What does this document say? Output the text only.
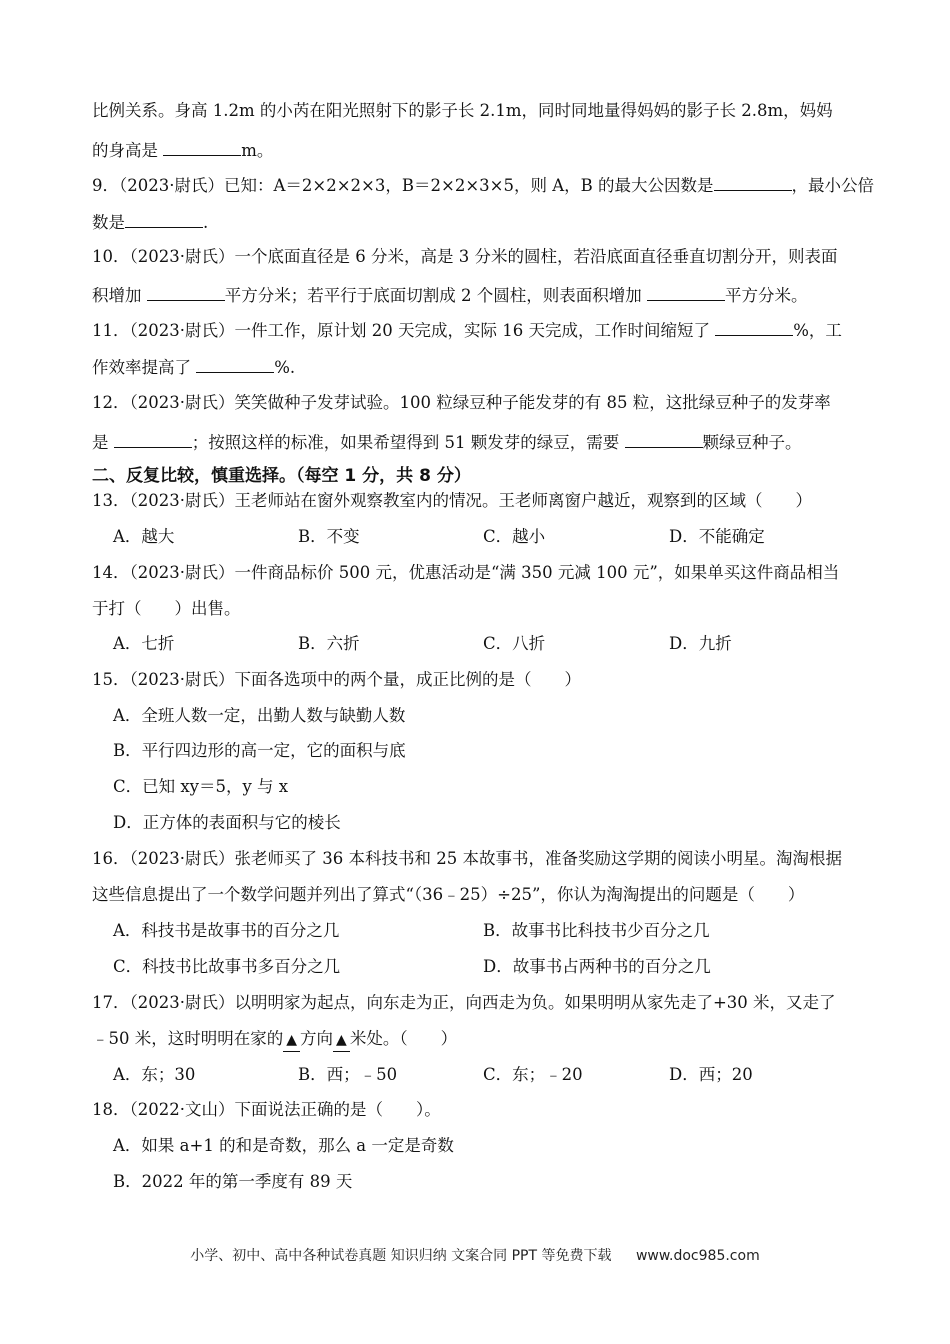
比例关系。身高 1.2m 的小芮在阳光照射下的影子长 2.1m，同时同地量得妈妈的影子长 2.8m，妈妈
的身高是	m。
9．（2023·尉氏）已知：A＝2×2×2×3，B＝2×2×3×5，则 A，B 的最大公因数是	，最小公倍
数是	.
10．（2023·尉氏）一个底面直径是 6 分米，高是 3 分米的圆柱，若沿底面直径垂直切割分开，则表面
积增加	平方分米；若平行于底面切割成 2 个圆柱，则表面积增加	平方分米。
11．（2023·尉氏）一件工作，原计划 20 天完成，实际 16 天完成，工作时间缩短了	%，工
作效率提高了	%.
12．（2023·尉氏）笑笑做种子发芽试验。100 粒绿豆种子能发芽的有 85 粒，这批绿豆种子的发芽率
是	；按照这样的标准，如果希望得到 51 颗发芽的绿豆，需要	颗绿豆种子。
二、反复比较，慎重选择。（每空 1 分，共 8 分）
13．（2023·尉氏）王老师站在窗外观察教室内的情况。王老师离窗户越近，观察到的区域（　　）
A．越大	B．不变	C．越小	D．不能确定
14．（2023·尉氏）一件商品标价 500 元，优惠活动是“满 350 元减 100 元”，如果单买这件商品相当
于打（　　）出售。
A．七折	B．六折	C．八折	D．九折
15．（2023·尉氏）下面各选项中的两个量，成正比例的是（　　）
A．全班人数一定，出勤人数与缺勤人数
B．平行四边形的高一定，它的面积与底
C．已知 xy＝5，y 与 x
D．正方体的表面积与它的棱长
16．（2023·尉氏）张老师买了 36 本科技书和 25 本故事书，准备奖励这学期的阅读小明星。淘淘根据
这些信息提出了一个数学问题并列出了算式“（36﹣25）÷25”，你认为淘淘提出的问题是（　　）
A．科技书是故事书的百分之几	B．故事书比科技书少百分之几
C．科技书比故事书多百分之几	D．故事书占两种书的百分之几
17．（2023·尉氏）以明明家为起点，向东走为正，向西走为负。如果明明从家先走了+30 米，又走了
﹣50 米，这时明明在家的 ▲ 方向 ▲ 米处。（　　）
A．东；30	B．西；﹣50	C．东；﹣20	D．西；20
18．（2022·文山）下面说法正确的是（　　）。
A．如果 a+1 的和是奇数，那么 a 一定是奇数
B．2022 年的第一季度有 89 天
小学、初中、高中各种试卷真题 知识归纳 文案合同 PPT 等免费下载 www.doc985.com
